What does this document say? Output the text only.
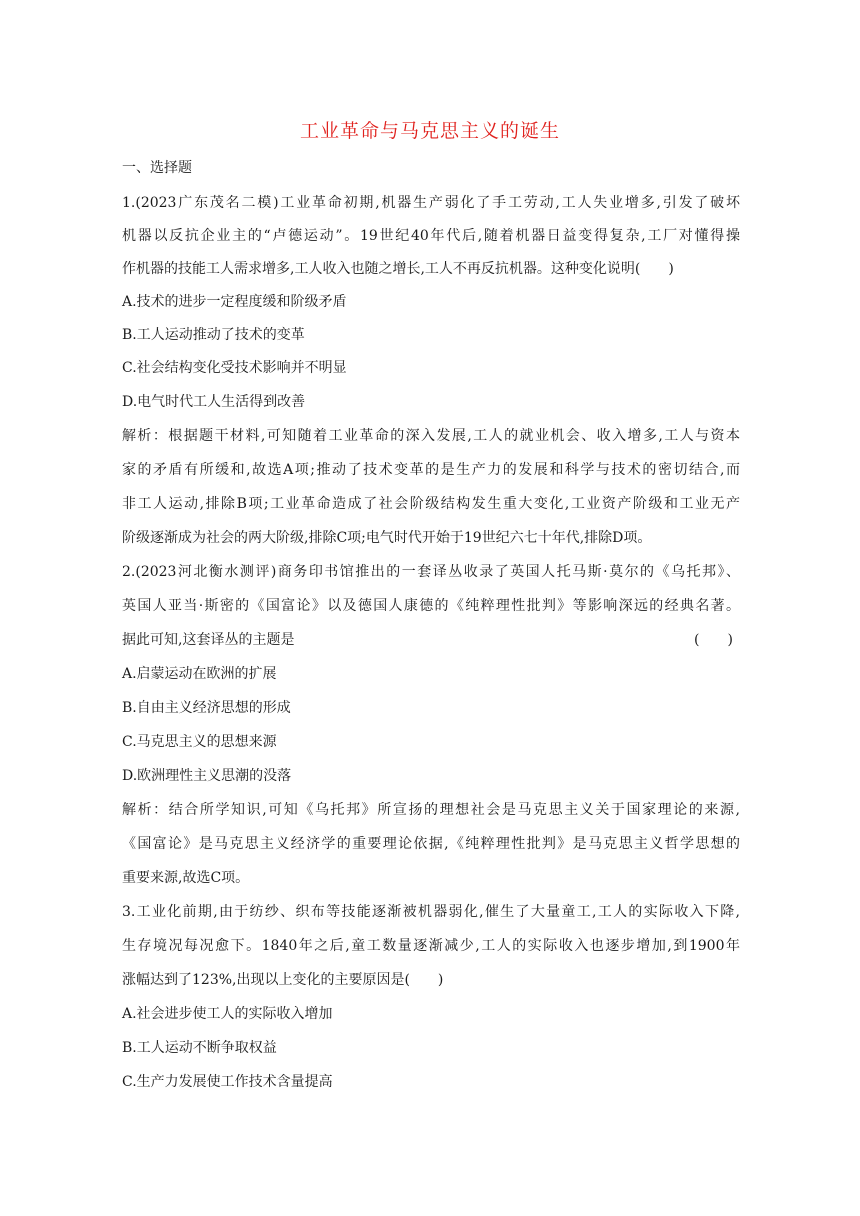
工业革命与马克思主义的诞生
一、选择题
1.(2023广东茂名二模)工业革命初期,机器生产弱化了手工劳动,工人失业增多,引发了破坏
机器以反抗企业主的“卢德运动”。19世纪40年代后,随着机器日益变得复杂,工厂对懂得操
作机器的技能工人需求增多,工人收入也随之增长,工人不再反抗机器。这种变化说明(　　)
A.技术的进步一定程度缓和阶级矛盾
B.工人运动推动了技术的变革
C.社会结构变化受技术影响并不明显
D.电气时代工人生活得到改善
解析：根据题干材料,可知随着工业革命的深入发展,工人的就业机会、收入增多,工人与资本
家的矛盾有所缓和,故选A项;推动了技术变革的是生产力的发展和科学与技术的密切结合,而
非工人运动,排除B项;工业革命造成了社会阶级结构发生重大变化,工业资产阶级和工业无产
阶级逐渐成为社会的两大阶级,排除C项;电气时代开始于19世纪六七十年代,排除D项。
2.(2023河北衡水测评)商务印书馆推出的一套译丛收录了英国人托马斯·莫尔的《乌托邦》、
英国人亚当·斯密的《国富论》以及德国人康德的《纯粹理性批判》等影响深远的经典名著。
据此可知,这套译丛的主题是	(　　)
A.启蒙运动在欧洲的扩展
B.自由主义经济思想的形成
C.马克思主义的思想来源
D.欧洲理性主义思潮的没落
解析：结合所学知识,可知《乌托邦》所宣扬的理想社会是马克思主义关于国家理论的来源,
《国富论》是马克思主义经济学的重要理论依据,《纯粹理性批判》是马克思主义哲学思想的
重要来源,故选C项。
3.工业化前期,由于纺纱、织布等技能逐渐被机器弱化,催生了大量童工,工人的实际收入下降,
生存境况每况愈下。1840年之后,童工数量逐渐减少,工人的实际收入也逐步增加,到1900年
涨幅达到了123%,出现以上变化的主要原因是(　　)
A.社会进步使工人的实际收入增加
B.工人运动不断争取权益
C.生产力发展使工作技术含量提高
